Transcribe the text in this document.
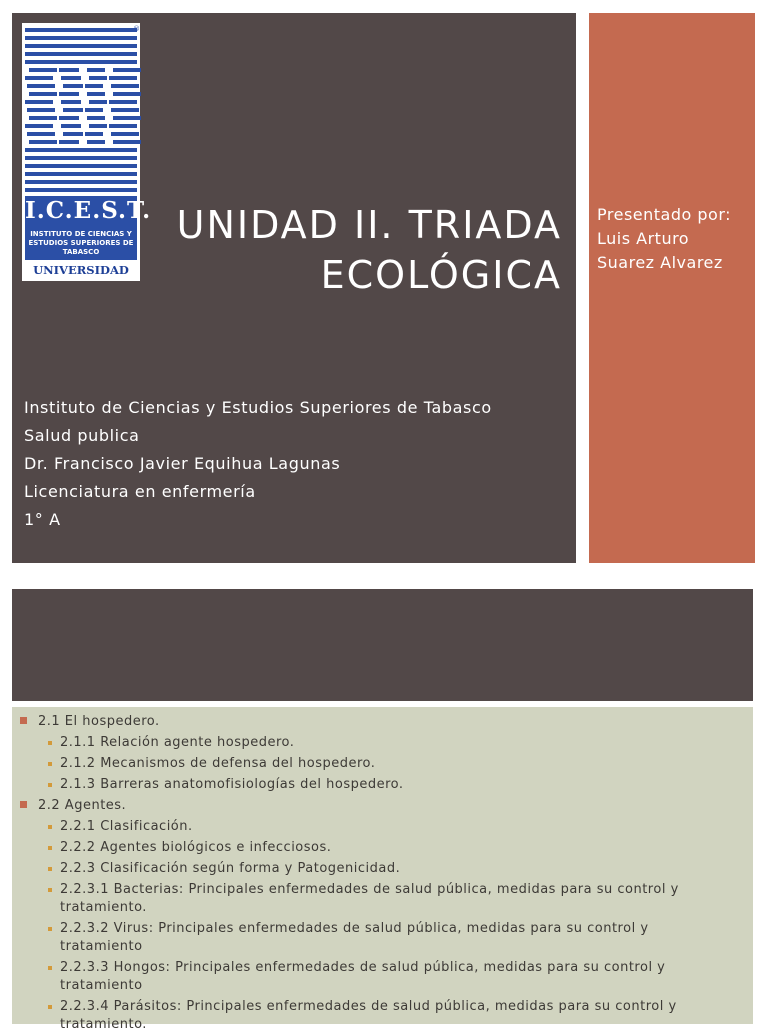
I.C.E.S.T.
INSTITUTO DE CIENCIAS Y ESTUDIOS SUPERIORES DE TABASCO
UNIVERSIDAD
®
UNIDAD II. TRIADA
ECOLÓGICA
Instituto de Ciencias y Estudios Superiores de Tabasco
Salud publica
Dr. Francisco Javier Equihua Lagunas
Licenciatura en enfermería
1° A
Presentado por: Luis Arturo Suarez Alvarez
2.1 El hospedero.
2.1.1 Relación agente hospedero.
2.1.2 Mecanismos de defensa del hospedero.
2.1.3 Barreras anatomofisiologías del hospedero.
2.2 Agentes.
2.2.1 Clasificación.
2.2.2 Agentes biológicos e infecciosos.
2.2.3 Clasificación según forma y Patogenicidad.
2.2.3.1 Bacterias: Principales enfermedades de salud pública, medidas para su control y tratamiento.
2.2.3.2 Virus: Principales enfermedades de salud pública, medidas para su control y tratamiento
2.2.3.3 Hongos: Principales enfermedades de salud pública, medidas para su control y tratamiento
2.2.3.4 Parásitos: Principales enfermedades de salud pública, medidas para su control y tratamiento.
